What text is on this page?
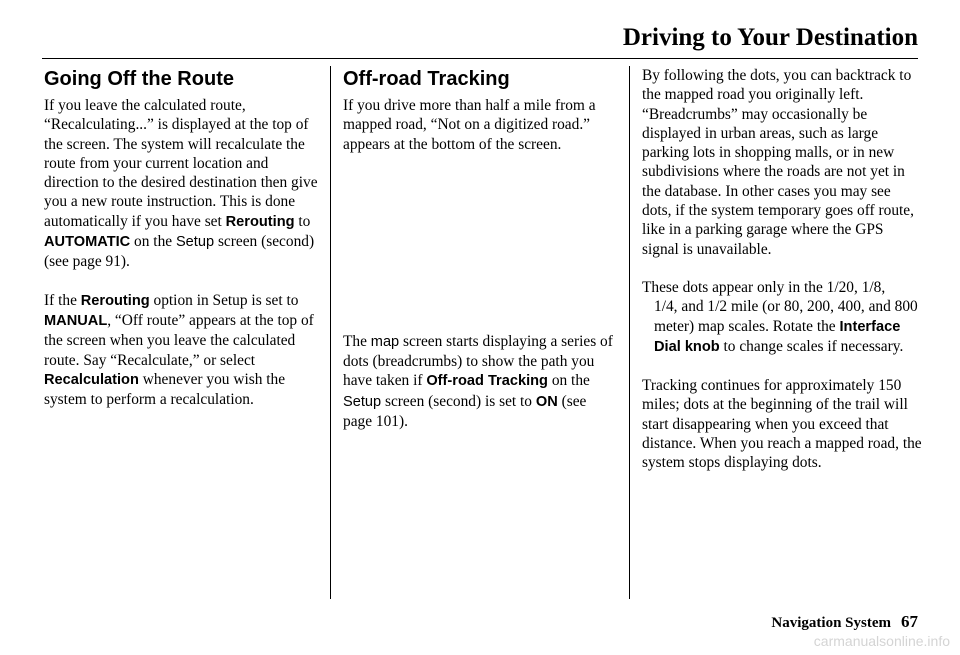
Driving to Your Destination
Going Off the Route

If you leave the calculated route, “Recalculating...” is displayed at the top of the screen. The system will recalculate the route from your current location and direction to the desired destination then give you a new route instruction. This is done automatically if you have set Rerouting to AUTOMATIC on the Setup screen (second) (see page 91).

If the Rerouting option in Setup is set to MANUAL, “Off route” appears at the top of the screen when you leave the calculated route. Say “Recalculate,” or select Recalculation whenever you wish the system to perform a recalculation.

Off-road Tracking

If you drive more than half a mile from a mapped road, “Not on a digitized road.” appears at the bottom of the screen.

The map screen starts displaying a series of dots (breadcrumbs) to show the path you have taken if Off-road Tracking on the Setup screen (second) is set to ON (see page 101).

By following the dots, you can backtrack to the mapped road you originally left. “Breadcrumbs” may occasionally be displayed in urban areas, such as large parking lots in shopping malls, or in new subdivisions where the roads are not yet in the database. In other cases you may see dots, if the system temporary goes off route, like in a parking garage where the GPS signal is unavailable.

These dots appear only in the 1/20, 1/8,
1/4, and 1/2 mile (or 80, 200, 400, and 800 meter) map scales. Rotate the Interface Dial knob to change scales if necessary.

Tracking continues for approximately 150 miles; dots at the beginning of the trail will start disappearing when you exceed that distance. When you reach a mapped road, the system stops displaying dots.

Navigation System 67
carmanualsonline.info
